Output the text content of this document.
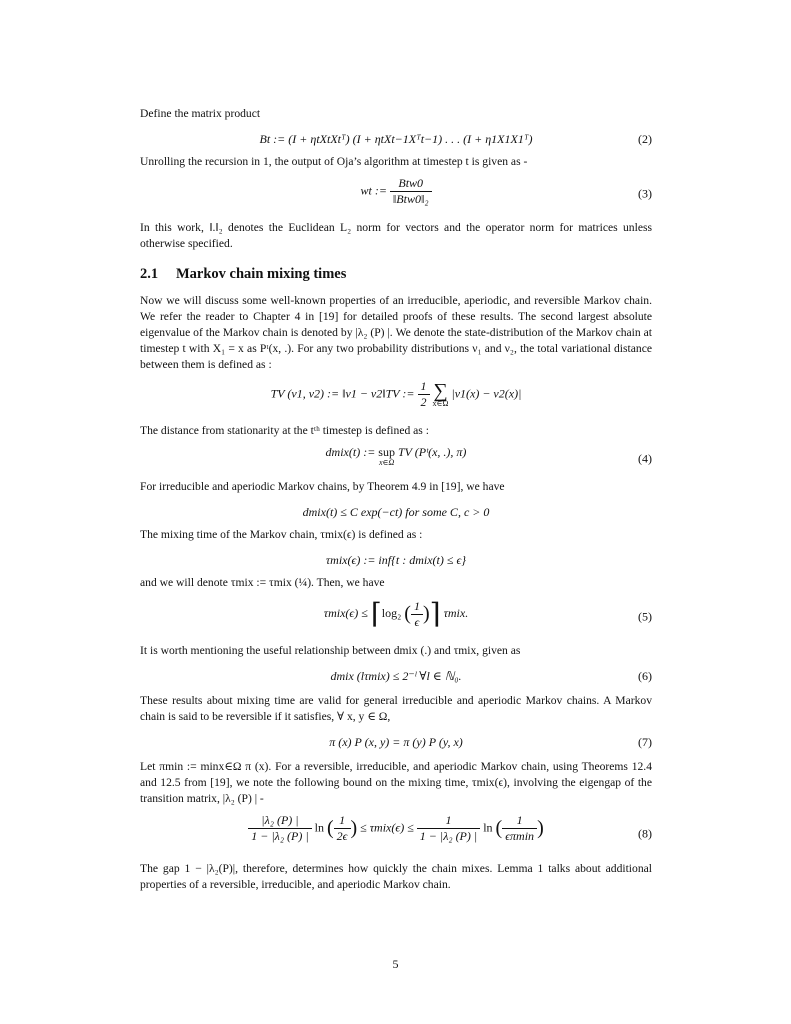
Define the matrix product

Bt := (I + ηtXtXtᵀ) (I + ηtXt−1Xᵀt−1) . . . (I + η1X1X1ᵀ)	(2)

Unrolling the recursion in 1, the output of Oja’s algorithm at timestep t is given as -

wt := $\frac{\text{Btw0}}{\text{‖Btw0‖₂}}$	(3)

In this work, ‖.‖₂ denotes the Euclidean L₂ norm for vectors and the operator norm for matrices unless otherwise specified.

2.1 Markov chain mixing times

Now we will discuss some well-known properties of an irreducible, aperiodic, and reversible Markov chain. We refer the reader to Chapter 4 in [19] for detailed proofs of these results. The second largest absolute eigenvalue of the Markov chain is denoted by |λ₂ (P) |. We denote the state-distribution of the Markov chain at timestep t with X₁ = x as Pᵗ(x, .). For any two probability distributions ν₁ and ν₂, the total variational distance between them is defined as :

TV (ν1, ν2) := ‖ν1 − ν2‖TV := $\frac{1}{2}$
∑
x∈Ω
|ν1(x) − ν2(x)|

The distance from stationarity at the tᵗʰ timestep is defined as :

dmix(t) := sup
x∈Ω
TV (Pᵗ(x, .), π)	(4)

For irreducible and aperiodic Markov chains, by Theorem 4.9 in [19], we have

dmix(t) ≤ C exp(−ct) for some C, c > 0

The mixing time of the Markov chain, τmix(ϵ) is defined as :

τmix(ϵ) := inf{t : dmix(t) ≤ ϵ}

and we will denote τmix := τmix (¼). Then, we have

τmix(ϵ) ≤ ⌈log₂ ( $\frac{1}{\epsilon}$ )⌉ τmix.	(5)

It is worth mentioning the useful relationship between dmix (.) and τmix, given as

dmix (lτmix) ≤ 2⁻ˡ ∀l ∈ ℕ₀.	(6)

These results about mixing time are valid for general irreducible and aperiodic Markov chains. A Markov chain is said to be reversible if it satisfies, ∀ x, y ∈ Ω,

π (x) P (x, y) = π (y) P (y, x)	(7)

Let πmin := minx∈Ω π (x). For a reversible, irreducible, and aperiodic Markov chain, using Theorems 12.4 and 12.5 from [19], we note the following bound on the mixing time, τmix(ϵ), involving the eigengap of the transition matrix, |λ₂ (P) | -

$\frac{\text{|λ₂ (P) |}}{\text{1 − |λ₂ (P) |}}$ ln ( $\frac{1}{2\epsilon}$ ) ≤ $\tau mix(\epsilon) \le \frac{1}{\text{1 − |λ₂ (P) |}}$ ln ( $\frac{1}{\epsilon\pi\min}$ )	(8)

The gap 1 − |λ₂(P)|, therefore, determines how quickly the chain mixes. Lemma 1 talks about additional properties of a reversible, irreducible, and aperiodic Markov chain.

5
